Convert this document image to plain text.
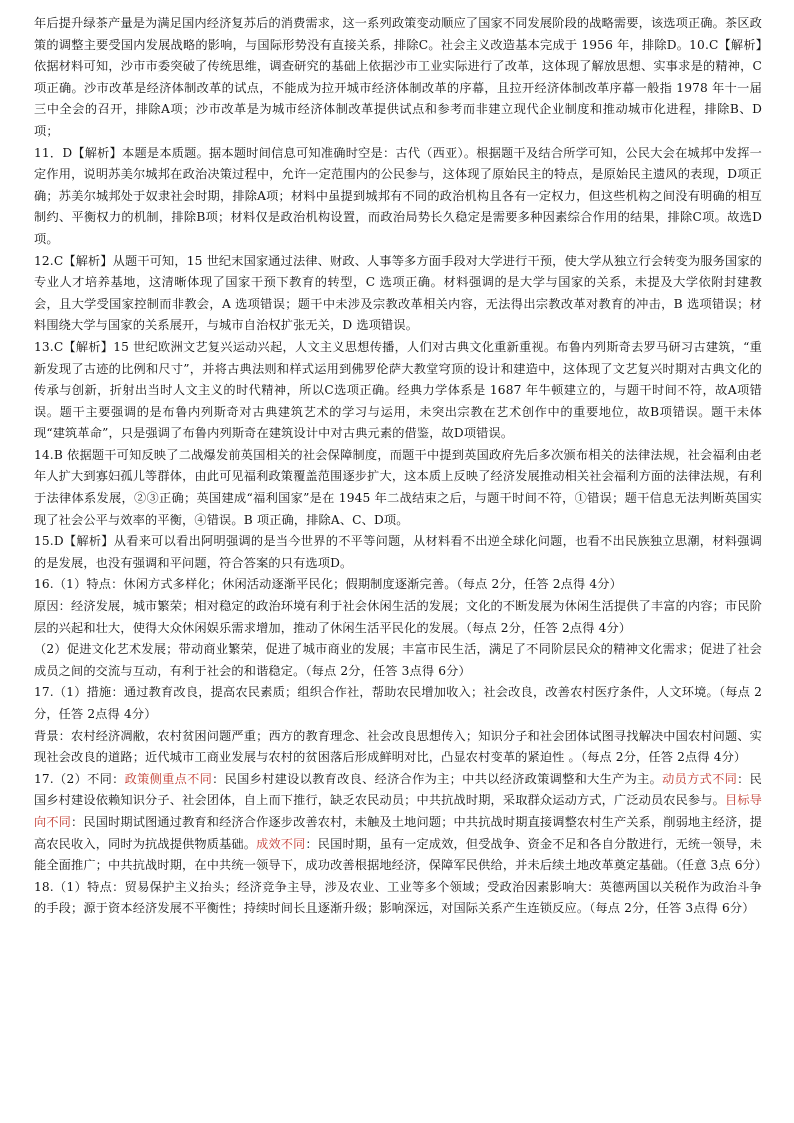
年后提升绿茶产量是为满足国内经济复苏后的消费需求，这一系列政策变动顺应了国家不同发展阶段的战略需要，该选项正确。茶区政策的调整主要受国内发展战略的影响，与国际形势没有直接关系，排除C。社会主义改造基本完成于 1956 年，排除D。10.C【解析】依据材料可知，沙市市委突破了传统思维，调查研究的基础上依据沙市工业实际进行了改革，这体现了解放思想、实事求是的精神，C项正确。沙市改革是经济体制改革的试点，不能成为拉开城市经济体制改革的序幕，且拉开经济体制改革序幕一般指 1978 年十一届三中全会的召开，排除A项；沙市改革是为城市经济体制改革提供试点和参考而非建立现代企业制度和推动城市化进程，排除B、D项；

11．D【解析】本题是本质题。据本题时间信息可知准确时空是：古代（西亚）。根据题干及结合所学可知，公民大会在城邦中发挥一定作用，说明苏美尔城邦在政治决策过程中，允许一定范围内的公民参与，这体现了原始民主的特点，是原始民主遗风的表现，D项正确；苏美尔城邦处于奴隶社会时期，排除A项；材料中虽提到城邦有不同的政治机构且各有一定权力，但这些机构之间没有明确的相互制约、平衡权力的机制，排除B项；材料仅是政治机构设置，而政治局势长久稳定是需要多种因素综合作用的结果，排除C项。故选D项。

12.C【解析】从题干可知，15 世纪末国家通过法律、财政、人事等多方面手段对大学进行干预，使大学从独立行会转变为服务国家的专业人才培养基地，这清晰体现了国家干预下教育的转型，C 选项正确。材料强调的是大学与国家的关系，未提及大学依附封建教会，且大学受国家控制而非教会，A 选项错误；题干中未涉及宗教改革相关内容，无法得出宗教改革对教育的冲击，B 选项错误；材料围绕大学与国家的关系展开，与城市自治权扩张无关，D 选项错误。

13.C【解析】15 世纪欧洲文艺复兴运动兴起，人文主义思想传播，人们对古典文化重新重视。布鲁内列斯奇去罗马研习古建筑，“重新发现了古迹的比例和尺寸”，并将古典法则和样式运用到佛罗伦萨大教堂穹顶的设计和建造中，这体现了文艺复兴时期对古典文化的传承与创新，折射出当时人文主义的时代精神，所以C选项正确。经典力学体系是 1687 年牛顿建立的，与题干时间不符，故A项错误。题干主要强调的是布鲁内列斯奇对古典建筑艺术的学习与运用，未突出宗教在艺术创作中的重要地位，故B项错误。题干未体现“建筑革命”，只是强调了布鲁内列斯奇在建筑设计中对古典元素的借鉴，故D项错误。

14.B 依据题干可知反映了二战爆发前英国相关的社会保障制度，而题干中提到英国政府先后多次颁布相关的法律法规，社会福利由老年人扩大到寡妇孤儿等群体，由此可见福利政策覆盖范围逐步扩大，这本质上反映了经济发展推动相关社会福利方面的法律法规，有利于法律体系发展，②③正确；英国建成“福利国家”是在 1945 年二战结束之后，与题干时间不符，①错误；题干信息无法判断英国实现了社会公平与效率的平衡，④错误。B 项正确，排除A、C、D项。

15.D【解析】从看来可以看出阿明强调的是当今世界的不平等问题，从材料看不出逆全球化问题，也看不出民族独立思潮，材料强调的是发展，也没有强调和平问题，符合答案的只有选项D。

16.（1）特点：休闲方式多样化；休闲活动逐渐平民化；假期制度逐渐完善。（每点 2分，任答 2点得 4分）

原因：经济发展，城市繁荣；相对稳定的政治环境有利于社会休闲生活的发展；文化的不断发展为休闲生活提供了丰富的内容；市民阶层的兴起和壮大，使得大众休闲娱乐需求增加，推动了休闲生活平民化的发展。（每点 2分，任答 2点得 4分）

（2）促进文化艺术发展；带动商业繁荣，促进了城市商业的发展；丰富市民生活，满足了不同阶层民众的精神文化需求；促进了社会成员之间的交流与互动，有利于社会的和谐稳定。（每点 2分，任答 3点得 6分）

17.（1）措施：通过教育改良，提高农民素质；组织合作社，帮助农民增加收入；社会改良，改善农村医疗条件，人文环境。（每点 2分，任答 2点得 4分）

背景：农村经济凋敝，农村贫困问题严重；西方的教育理念、社会改良思想传入；知识分子和社会团体试图寻找解决中国农村问题、实现社会改良的道路；近代城市工商业发展与农村的贫困落后形成鲜明对比，凸显农村变革的紧迫性 。（每点 2分，任答 2点得 4分）

17.（2）不同：政策侧重点不同：民国乡村建设以教育改良、经济合作为主；中共以经济政策调整和大生产为主。动员方式不同：民国乡村建设依赖知识分子、社会团体，自上而下推行，缺乏农民动员；中共抗战时期，采取群众运动方式，广泛动员农民参与。目标导向不同：民国时期试图通过教育和经济合作逐步改善农村，未触及土地问题；中共抗战时期直接调整农村生产关系，削弱地主经济，提高农民收入，同时为抗战提供物质基础。成效不同：民国时期，虽有一定成效，但受战争、资金不足和各自分散进行，无统一领导，未能全面推广；中共抗战时期，在中共统一领导下，成功改善根据地经济，保障军民供给，并未后续土地改革奠定基础。（任意 3点 6分）

18.（1）特点：贸易保护主义抬头；经济竞争主导，涉及农业、工业等多个领域；受政治因素影响大：英德两国以关税作为政治斗争的手段；源于资本经济发展不平衡性；持续时间长且逐渐升级；影响深远，对国际关系产生连锁反应。（每点 2分，任答 3点得 6分）
